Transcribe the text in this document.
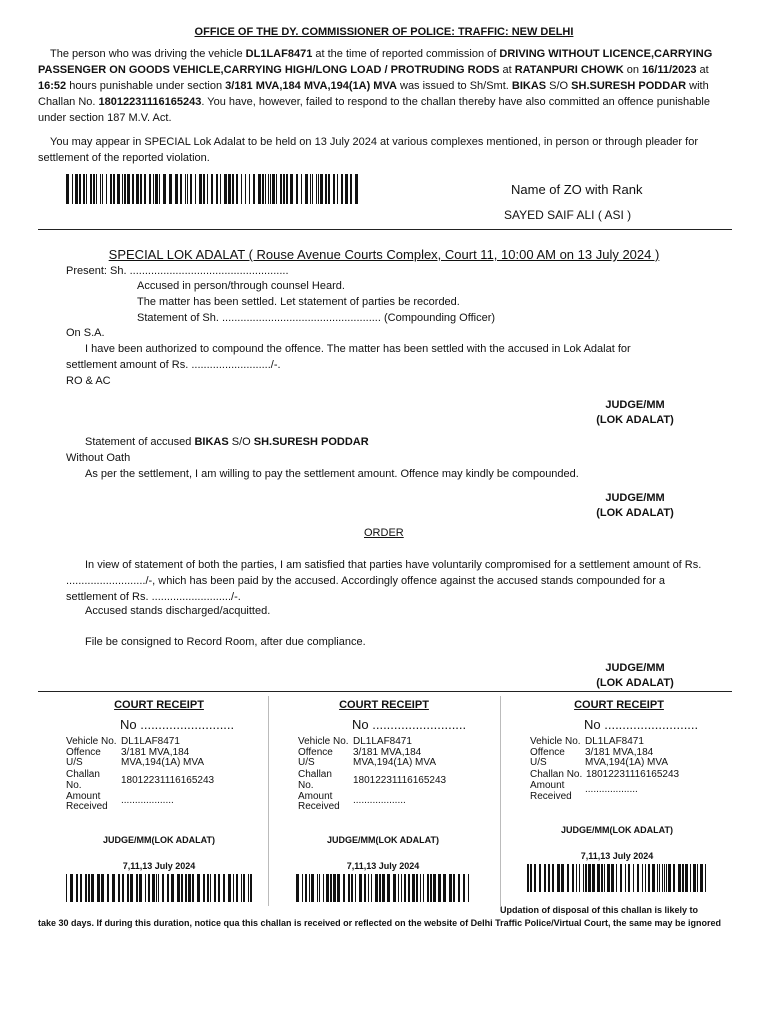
OFFICE OF THE DY. COMMISSIONER OF POLICE: TRAFFIC: NEW DELHI
The person who was driving the vehicle DL1LAF8471 at the time of reported commission of DRIVING WITHOUT LICENCE,CARRYING PASSENGER ON GOODS VEHICLE,CARRYING HIGH/LONG LOAD / PROTRUDING RODS at RATANPURI CHOWK on 16/11/2023 at 16:52 hours punishable under section 3/181 MVA,184 MVA,194(1A) MVA was issued to Sh/Smt. BIKAS S/O SH.SURESH PODDAR with Challan No. 18012231116165243. You have, however, failed to respond to the challan thereby have also committed an offence punishable under section 187 M.V. Act.
You may appear in SPECIAL Lok Adalat to be held on 13 July 2024 at various complexes mentioned, in person or through pleader for settlement of the reported violation.
Name of ZO with Rank
SAYED SAIF ALI ( ASI )
SPECIAL LOK ADALAT ( Rouse Avenue Courts Complex, Court 11, 10:00 AM on 13 July 2024 )
Present: Sh. ....................................................
Accused in person/through counsel Heard.
The matter has been settled. Let statement of parties be recorded.
Statement of Sh. .................................................... (Compounding Officer)
On S.A.
I have been authorized to compound the offence. The matter has been settled with the accused in Lok Adalat for settlement amount of Rs. ........................../-.
RO & AC
JUDGE/MM
(LOK ADALAT)
Statement of accused BIKAS S/O SH.SURESH PODDAR
Without Oath
As per the settlement, I am willing to pay the settlement amount. Offence may kindly be compounded.
JUDGE/MM
(LOK ADALAT)
ORDER
In view of statement of both the parties, I am satisfied that parties have voluntarily compromised for a settlement amount of Rs. ........................../-, which has been paid by the accused. Accordingly offence against the accused stands compounded for a settlement of Rs. ........................../-.
Accused stands discharged/acquitted.
File be consigned to Record Room, after due compliance.
JUDGE/MM
(LOK ADALAT)
COURT RECEIPT
No ..........................
Vehicle No. DL1LAF8471
Offence 3/181 MVA,184
U/S	MVA,194(1A) MVA
Challan
No.	18012231116165243
Amount
Received
...................
JUDGE/MM(LOK ADALAT)
7,11,13 July 2024
COURT RECEIPT
No ..........................
Vehicle No. DL1LAF8471
Offence 3/181 MVA,184
U/S	MVA,194(1A) MVA
Challan
No.	18012231116165243
Amount
Received
...................
JUDGE/MM(LOK ADALAT)
7,11,13 July 2024
COURT RECEIPT
No ..........................
Vehicle No. DL1LAF8471
Offence 3/181 MVA,184
U/S	MVA,194(1A) MVA
Challan No. 18012231116165243
Amount
Received
...................
JUDGE/MM(LOK ADALAT)
7,11,13 July 2024
Updation of disposal of this challan is likely to
take 30 days. If during this duration, notice qua this challan is received or reflected on the website of Delhi Traffic Police/Virtual Court, the same may be ignored
